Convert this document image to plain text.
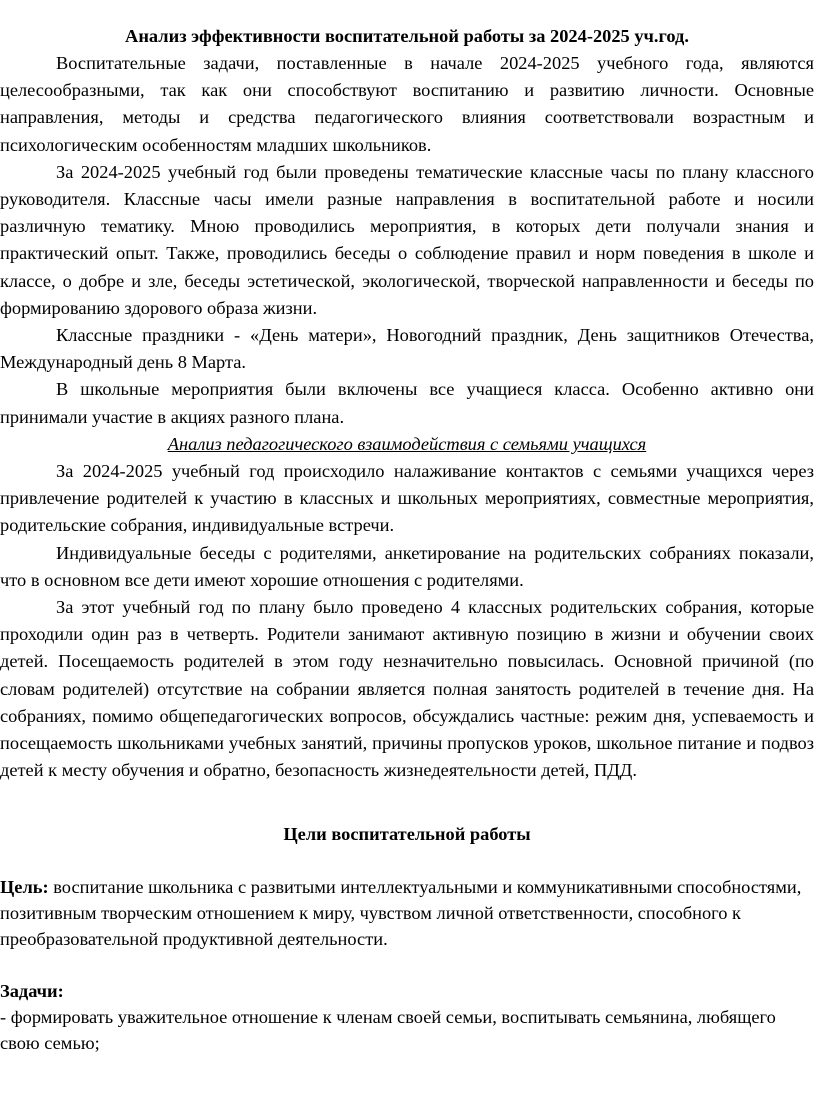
Анализ эффективности воспитательной работы за 2024-2025 уч.год.

Воспитательные задачи, поставленные в начале 2024-2025 учебного года, являются целесообразными, так как они способствуют воспитанию и развитию личности. Основные направления, методы и средства педагогического влияния соответствовали возрастным и психологическим особенностям младших школьников.

За 2024-2025 учебный год были проведены тематические классные часы по плану классного руководителя. Классные часы имели разные направления в воспитательной работе и носили различную тематику. Мною проводились мероприятия, в которых дети получали знания и практический опыт. Также, проводились беседы о соблюдение правил и норм поведения в школе и классе, о добре и зле, беседы эстетической, экологической, творческой направленности и беседы по формированию здорового образа жизни.

Классные праздники - «День матери», Новогодний праздник, День защитников Отечества, Международный день 8 Марта.

В школьные мероприятия были включены все учащиеся класса. Особенно активно они принимали участие в акциях разного плана.

Анализ педагогического взаимодействия с семьями учащихся

За 2024-2025 учебный год происходило налаживание контактов с семьями учащихся через привлечение родителей к участию в классных и школьных мероприятиях, совместные мероприятия, родительские собрания, индивидуальные встречи.

Индивидуальные беседы с родителями, анкетирование на родительских собраниях показали, что в основном все дети имеют хорошие отношения с родителями.

За этот учебный год по плану было проведено 4 классных родительских собрания, которые проходили один раз в четверть. Родители занимают активную позицию в жизни и обучении своих детей. Посещаемость родителей в этом году незначительно повысилась. Основной причиной (по словам родителей) отсутствие на собрании является полная занятость родителей в течение дня. На собраниях, помимо общепедагогических вопросов, обсуждались частные: режим дня, успеваемость и посещаемость школьниками учебных занятий, причины пропусков уроков, школьное питание и подвоз детей к месту обучения и обратно, безопасность жизнедеятельности детей, ПДД.

Цели воспитательной работы

Цель: воспитание школьника с развитыми интеллектуальными и коммуникативными способностями, позитивным творческим отношением к миру, чувством личной ответственности, способного к преобразовательной продуктивной деятельности.

Задачи:

- формировать уважительное отношение к членам своей семьи, воспитывать семьянина, любящего свою семью;
